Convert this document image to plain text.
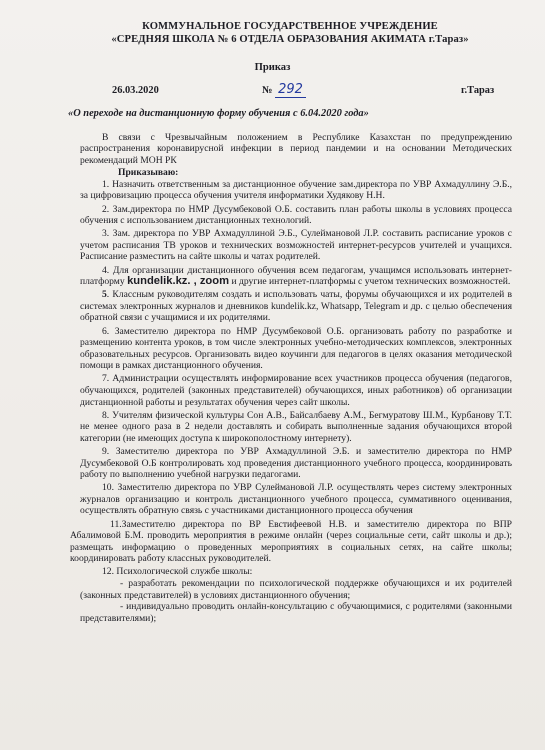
КОММУНАЛЬНОЕ ГОСУДАРСТВЕННОЕ УЧРЕЖДЕНИЕ
«СРЕДНЯЯ ШКОЛА № 6 ОТДЕЛА ОБРАЗОВАНИЯ АКИМАТА г.Тараз»
Приказ
26.03.2020	№ 292	г.Тараз
«О переходе на дистанционную форму обучения с 6.04.2020 года»

В связи с Чрезвычайным положением в Республике Казахстан по предупреждению распространения коронавирусной инфекции в период пандемии и на основании Методических рекомендаций МОН РК

Приказываю:

1. Назначить ответственным за дистанционное обучение зам.директора по УВР Ахмадуллину Э.Б., за цифровизацию процесса обучения учителя информатики Худякову Н.Н.

2. Зам.директора по НМР Дусумбековой О.Б. составить план работы школы в условиях процесса обучения с использованием дистанционных технологий.

3. Зам. директора по УВР Ахмадуллиной Э.Б., Сулеймановой Л.Р. составить расписание уроков с учетом расписания ТВ уроков и технических возможностей интернет-ресурсов учителей и учащихся. Расписание разместить на сайте школы и чатах родителей.

4. Для организации дистанционного обучения всем педагогам, учащимся использовать интернет-платформу kundelik.kz. , zoom и другие интернет-платформы с учетом технических возможностей.

5. Классным руководителям создать и использовать чаты, форумы обучающихся и их родителей в системах электронных журналов и дневников kundelik.kz, Whatsapp, Telegram и др. с целью обеспечения обратной связи с учащимися и их родителями.

6. Заместителю директора по НМР Дусумбековой О.Б. организовать работу по разработке и размещению контента уроков, в том числе электронных учебно-методических комплексов, электронных образовательных ресурсов. Организовать видео коучинги для педагогов в целях оказания методической помощи в рамках дистанционного обучения.

7. Администрации осуществлять информирование всех участников процесса обучения (педагогов, обучающихся, родителей (законных представителей) обучающихся, иных работников) об организации дистанционной работы и результатах обучения через сайт школы.

8. Учителям физической культуры Сон А.В., Байсалбаеву А.М., Бегмуратову Ш.М., Курбанову Т.Т. не менее одного раза в 2 недели доставлять и собирать выполненные задания обучающихся второй категории (не имеющих доступа к широкополостному интернету).

9. Заместителю директора по УВР Ахмадуллиной Э.Б. и заместителю директора по НМР Дусумбековой О.Б контролировать ход проведения дистанционного учебного процесса, координировать работу по выполнению учебной нагрузки педагогами.

10. Заместителю директора по УВР Сулеймановой Л.Р. осуществлять через систему электронных журналов организацию и контроль дистанционного учебного процесса, суммативного оценивания, осуществлять обратную связь с участниками дистанционного процесса обучения

11.Заместителю директора по ВР Евстифеевой Н.В. и заместителю директора по ВПР Абалимовой Б.М. проводить мероприятия в режиме онлайн (через социальные сети, сайт школы и др.); размещать информацию о проведенных мероприятиях в социальных сетях, на сайте школы; координировать работу классных руководителей.

12. Психологической службе школы:

- разработать рекомендации по психологической поддержке обучающихся и их родителей (законных представителей) в условиях дистанционного обучения;

- индивидуально проводить онлайн-консультацию с обучающимися, с родителями (законными представителями);
